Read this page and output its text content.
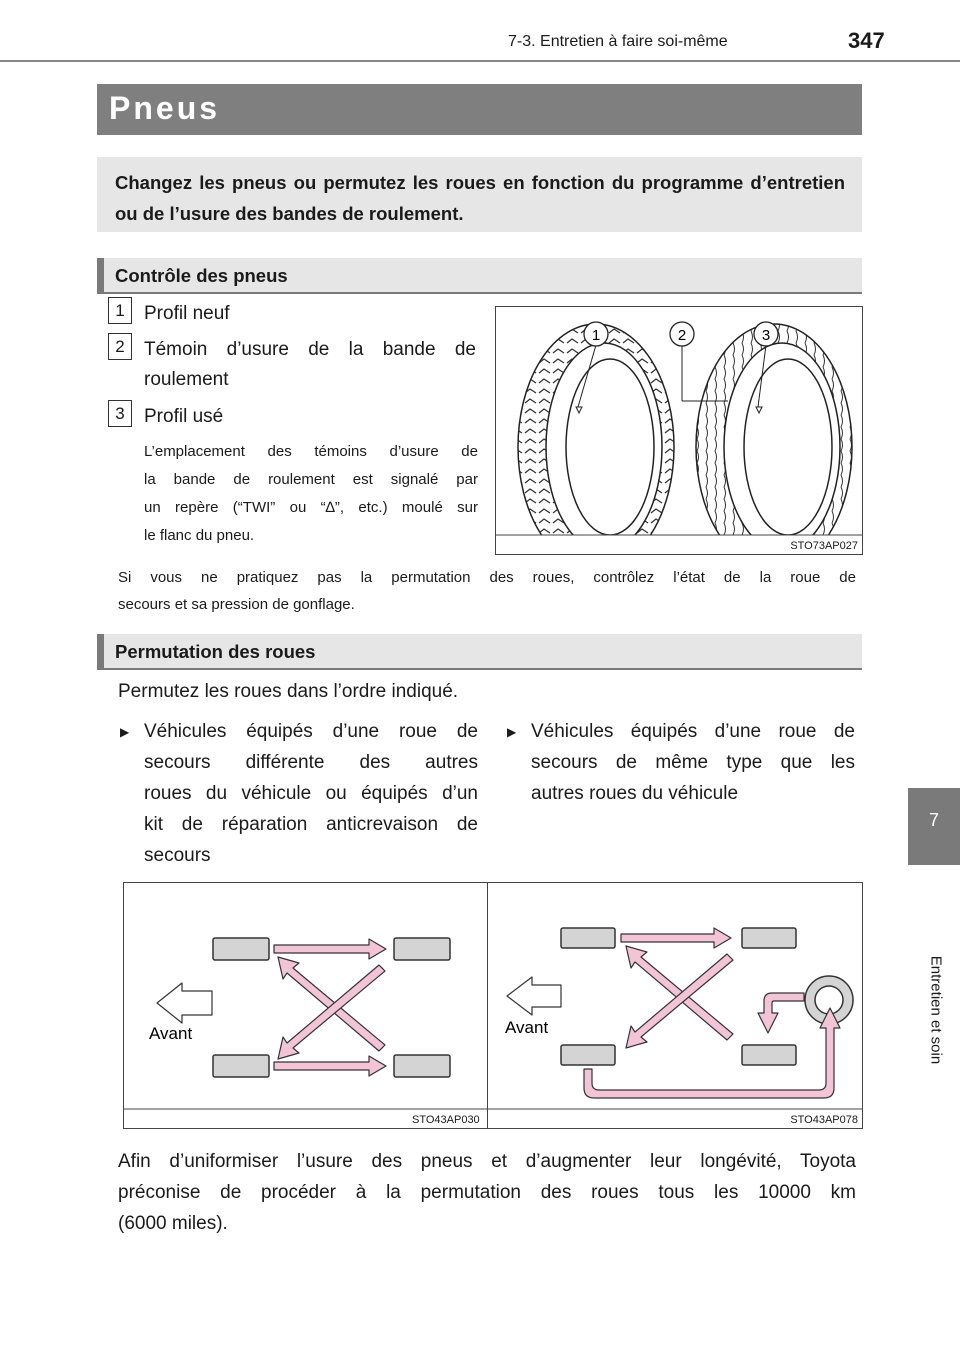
7-3. Entretien à faire soi-même	347
Pneus

Changez les pneus ou permutez les roues en fonction du programme d’entretien ou de l’usure des bandes de roulement.

Contrôle des pneus
1	Profil neuf
2	Témoin d’usure de la bande de
roulement
3	Profil usé
L’emplacement des témoins d’usure de
la bande de roulement est signalé par
un repère (“TWI” ou “∆”, etc.) moulé sur
le flanc du pneu.
1	2	3
STO73AP027
Si vous ne pratiquez pas la permutation des roues, contrôlez l’état de la roue de
secours et sa pression de gonflage.
Permutation des roues
Permutez les roues dans l’ordre indiqué.
▶ Véhicules équipés d’une roue de
secours différente des autres
roues du véhicule ou équipés d’un
kit de réparation anticrevaison de
secours
▶ Véhicules équipés d’une roue de
secours de même type que les
autres roues du véhicule
Avant	Avant
STO43AP030	STO43AP078
Afin d’uniformiser l’usure des pneus et d’augmenter leur longévité, Toyota
préconise de procéder à la permutation des roues tous les 10000 km
(6000 miles).
7
Entretien et soin
